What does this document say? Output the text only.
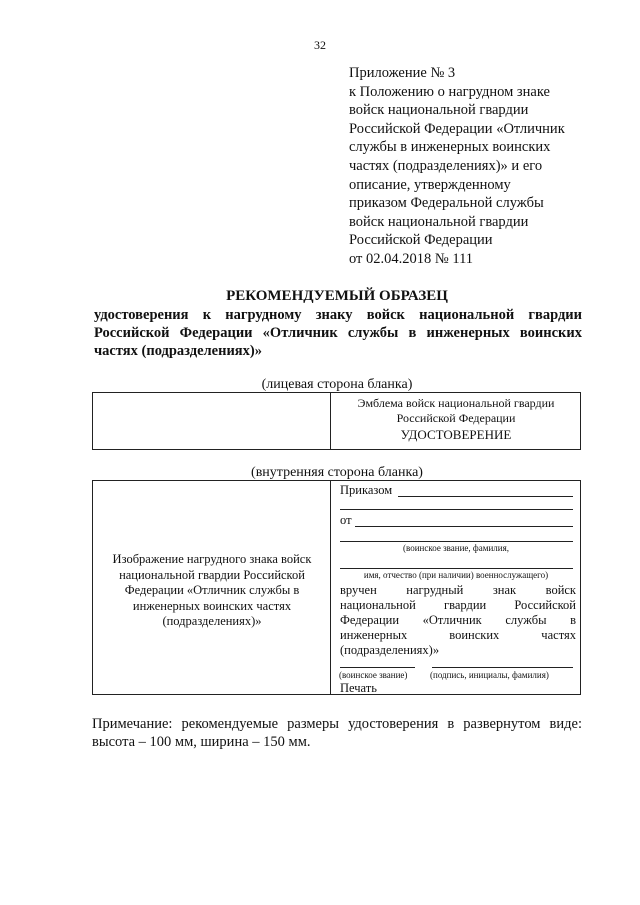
32
Приложение № 3
к Положению о нагрудном знаке
войск национальной гвардии
Российской Федерации «Отличник
службы в инженерных воинских
частях (подразделениях)» и его
описание, утвержденному
приказом Федеральной службы
войск национальной гвардии
Российской Федерации
от 02.04.2018 № 111
РЕКОМЕНДУЕМЫЙ ОБРАЗЕЦ
удостоверения к нагрудному знаку войск национальной гвардии
Российской Федерации «Отличник службы в инженерных воинских
частях (подразделениях)»
(лицевая сторона бланка)
Эмблема войск национальной гвардии
Российской Федерации
УДОСТОВЕРЕНИЕ
(внутренняя сторона бланка)
Изображение нагрудного знака войск
национальной гвардии Российской
Федерации «Отличник службы в
инженерных воинских частях
(подразделениях)»
Приказом
от
(воинское звание, фамилия,
имя, отчество (при наличии) военнослужащего)
вручен нагрудный знак войск
национальной гвардии Российской
Федерации «Отличник службы в
инженерных воинских частях
(подразделениях)»
(воинское звание)	(подпись, инициалы, фамилия)
Печать
Примечание: рекомендуемые размеры удостоверения в развернутом виде:
высота – 100 мм, ширина – 150 мм.
